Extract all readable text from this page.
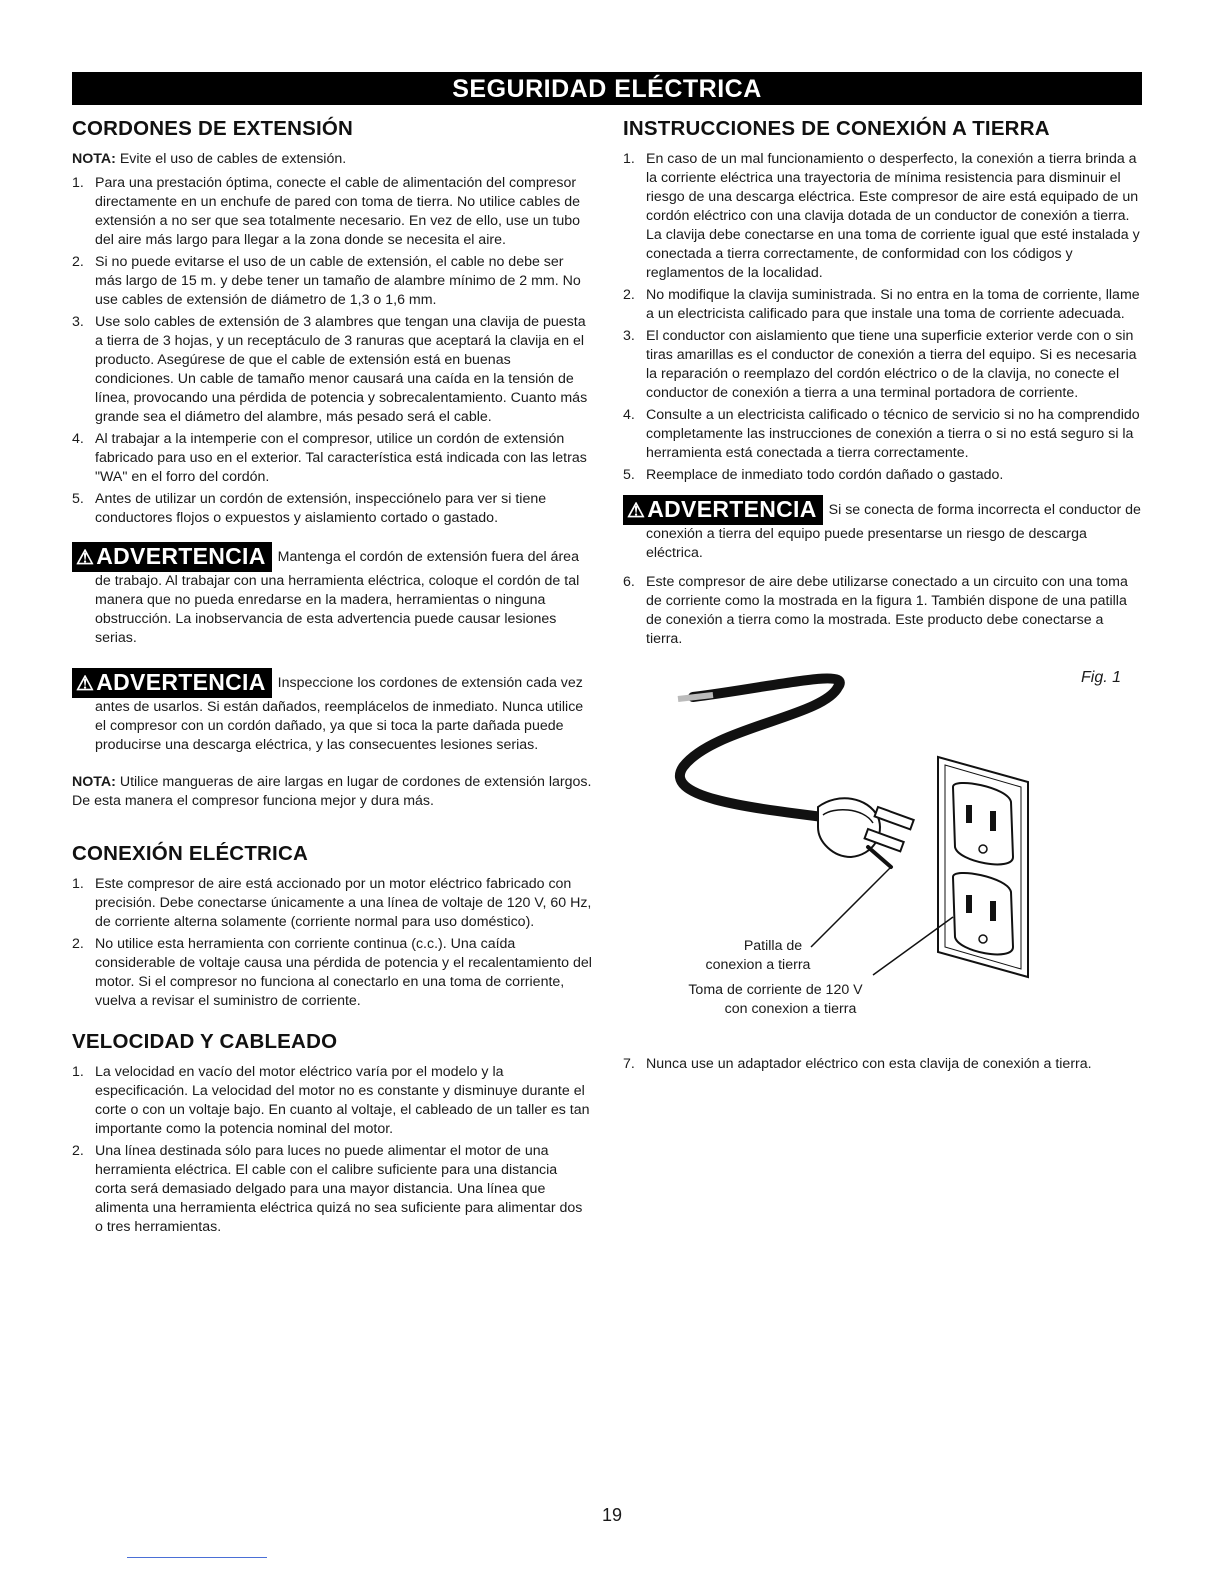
SEGURIDAD ELÉCTRICA
CORDONES DE EXTENSIÓN

NOTA: Evite el uso de cables de extensión.

1. Para una prestación óptima, conecte el cable de alimentación del compresor directamente en un enchufe de pared con toma de tierra. No utilice cables de extensión a no ser que sea totalmente necesario. En vez de ello, use un tubo del aire más largo para llegar a la zona donde se necesita el aire.
2. Si no puede evitarse el uso de un cable de extensión, el cable no debe ser más largo de 15 m. y debe tener un tamaño de alambre mínimo de 2 mm. No use cables de extensión de diámetro de 1,3 o 1,6 mm.
3. Use solo cables de extensión de 3 alambres que tengan una clavija de puesta a tierra de 3 hojas, y un receptáculo de 3 ranuras que aceptará la clavija en el producto. Asegúrese de que el cable de extensión está en buenas condiciones. Un cable de tamaño menor causará una caída en la tensión de línea, provocando una pérdida de potencia y sobrecalentamiento. Cuanto más grande sea el diámetro del alambre, más pesado será el cable.
4. Al trabajar a la intemperie con el compresor, utilice un cordón de extensión fabricado para uso en el exterior. Tal característica está indicada con las letras "WA" en el forro del cordón.
5. Antes de utilizar un cordón de extensión, inspecciónelo para ver si tiene conductores flojos o expuestos y aislamiento cortado o gastado.
⚠ADVERTENCIA Mantenga el cordón de extensión fuera del área de trabajo. Al trabajar con una herramienta eléctrica, coloque el cordón de tal manera que no pueda enredarse en la madera, herramientas o ninguna obstrucción. La inobservancia de esta advertencia puede causar lesiones serias.
⚠ADVERTENCIA Inspeccione los cordones de extensión cada vez antes de usarlos. Si están dañados, reemplácelos de inmediato. Nunca utilice el compresor con un cordón dañado, ya que si toca la parte dañada puede producirse una descarga eléctrica, y las consecuentes lesiones serias.

NOTA: Utilice mangueras de aire largas en lugar de cordones de extensión largos. De esta manera el compresor funciona mejor y dura más.

CONEXIÓN ELÉCTRICA
1. Este compresor de aire está accionado por un motor eléctrico fabricado con precisión. Debe conectarse únicamente a una línea de voltaje de 120 V, 60 Hz, de corriente alterna solamente (corriente normal para uso doméstico).
2. No utilice esta herramienta con corriente continua (c.c.). Una caída considerable de voltaje causa una pérdida de potencia y el recalentamiento del motor. Si el compresor no funciona al conectarlo en una toma de corriente, vuelva a revisar el suministro de corriente.
VELOCIDAD Y CABLEADO
1. La velocidad en vacío del motor eléctrico varía por el modelo y la especificación. La velocidad del motor no es constante y disminuye durante el corte o con un voltaje bajo. En cuanto al voltaje, el cableado de un taller es tan importante como la potencia nominal del motor.
2. Una línea destinada sólo para luces no puede alimentar el motor de una herramienta eléctrica. El cable con el calibre suficiente para una distancia corta será demasiado delgado para una mayor distancia. Una línea que alimenta una herramienta eléctrica quizá no sea suficiente para alimentar dos o tres herramientas.
INSTRUCCIONES DE CONEXIÓN A TIERRA
1. En caso de un mal funcionamiento o desperfecto, la conexión a tierra brinda a la corriente eléctrica una trayectoria de mínima resistencia para disminuir el riesgo de una descarga eléctrica. Este compresor de aire está equipado de un cordón eléctrico con una clavija dotada de un conductor de conexión a tierra. La clavija debe conectarse en una toma de corriente igual que esté instalada y conectada a tierra correctamente, de conformidad con los códigos y reglamentos de la localidad.
2. No modifique la clavija suministrada. Si no entra en la toma de corriente, llame a un electricista calificado para que instale una toma de corriente adecuada.
3. El conductor con aislamiento que tiene una superficie exterior verde con o sin tiras amarillas es el conductor de conexión a tierra del equipo. Si es necesaria la reparación o reemplazo del cordón eléctrico o de la clavija, no conecte el conductor de conexión a tierra a una terminal portadora de corriente.
4. Consulte a un electricista calificado o técnico de servicio si no ha comprendido completamente las instrucciones de conexión a tierra o si no está seguro si la herramienta está conectada a tierra correctamente.
5. Reemplace de inmediato todo cordón dañado o gastado.
⚠ADVERTENCIA Si se conecta de forma incorrecta el conductor de conexión a tierra del equipo puede presentarse un riesgo de descarga eléctrica.
6. Este compresor de aire debe utilizarse conectado a un circuito con una toma de corriente como la mostrada en la figura 1. También dispone de una patilla de conexión a tierra como la mostrada. Este producto debe conectarse a tierra.
Fig. 1
Patilla de
conexion a tierra
Toma de corriente de 120 V
con conexion a tierra
7. Nunca use un adaptador eléctrico con esta clavija de conexión a tierra.
19
